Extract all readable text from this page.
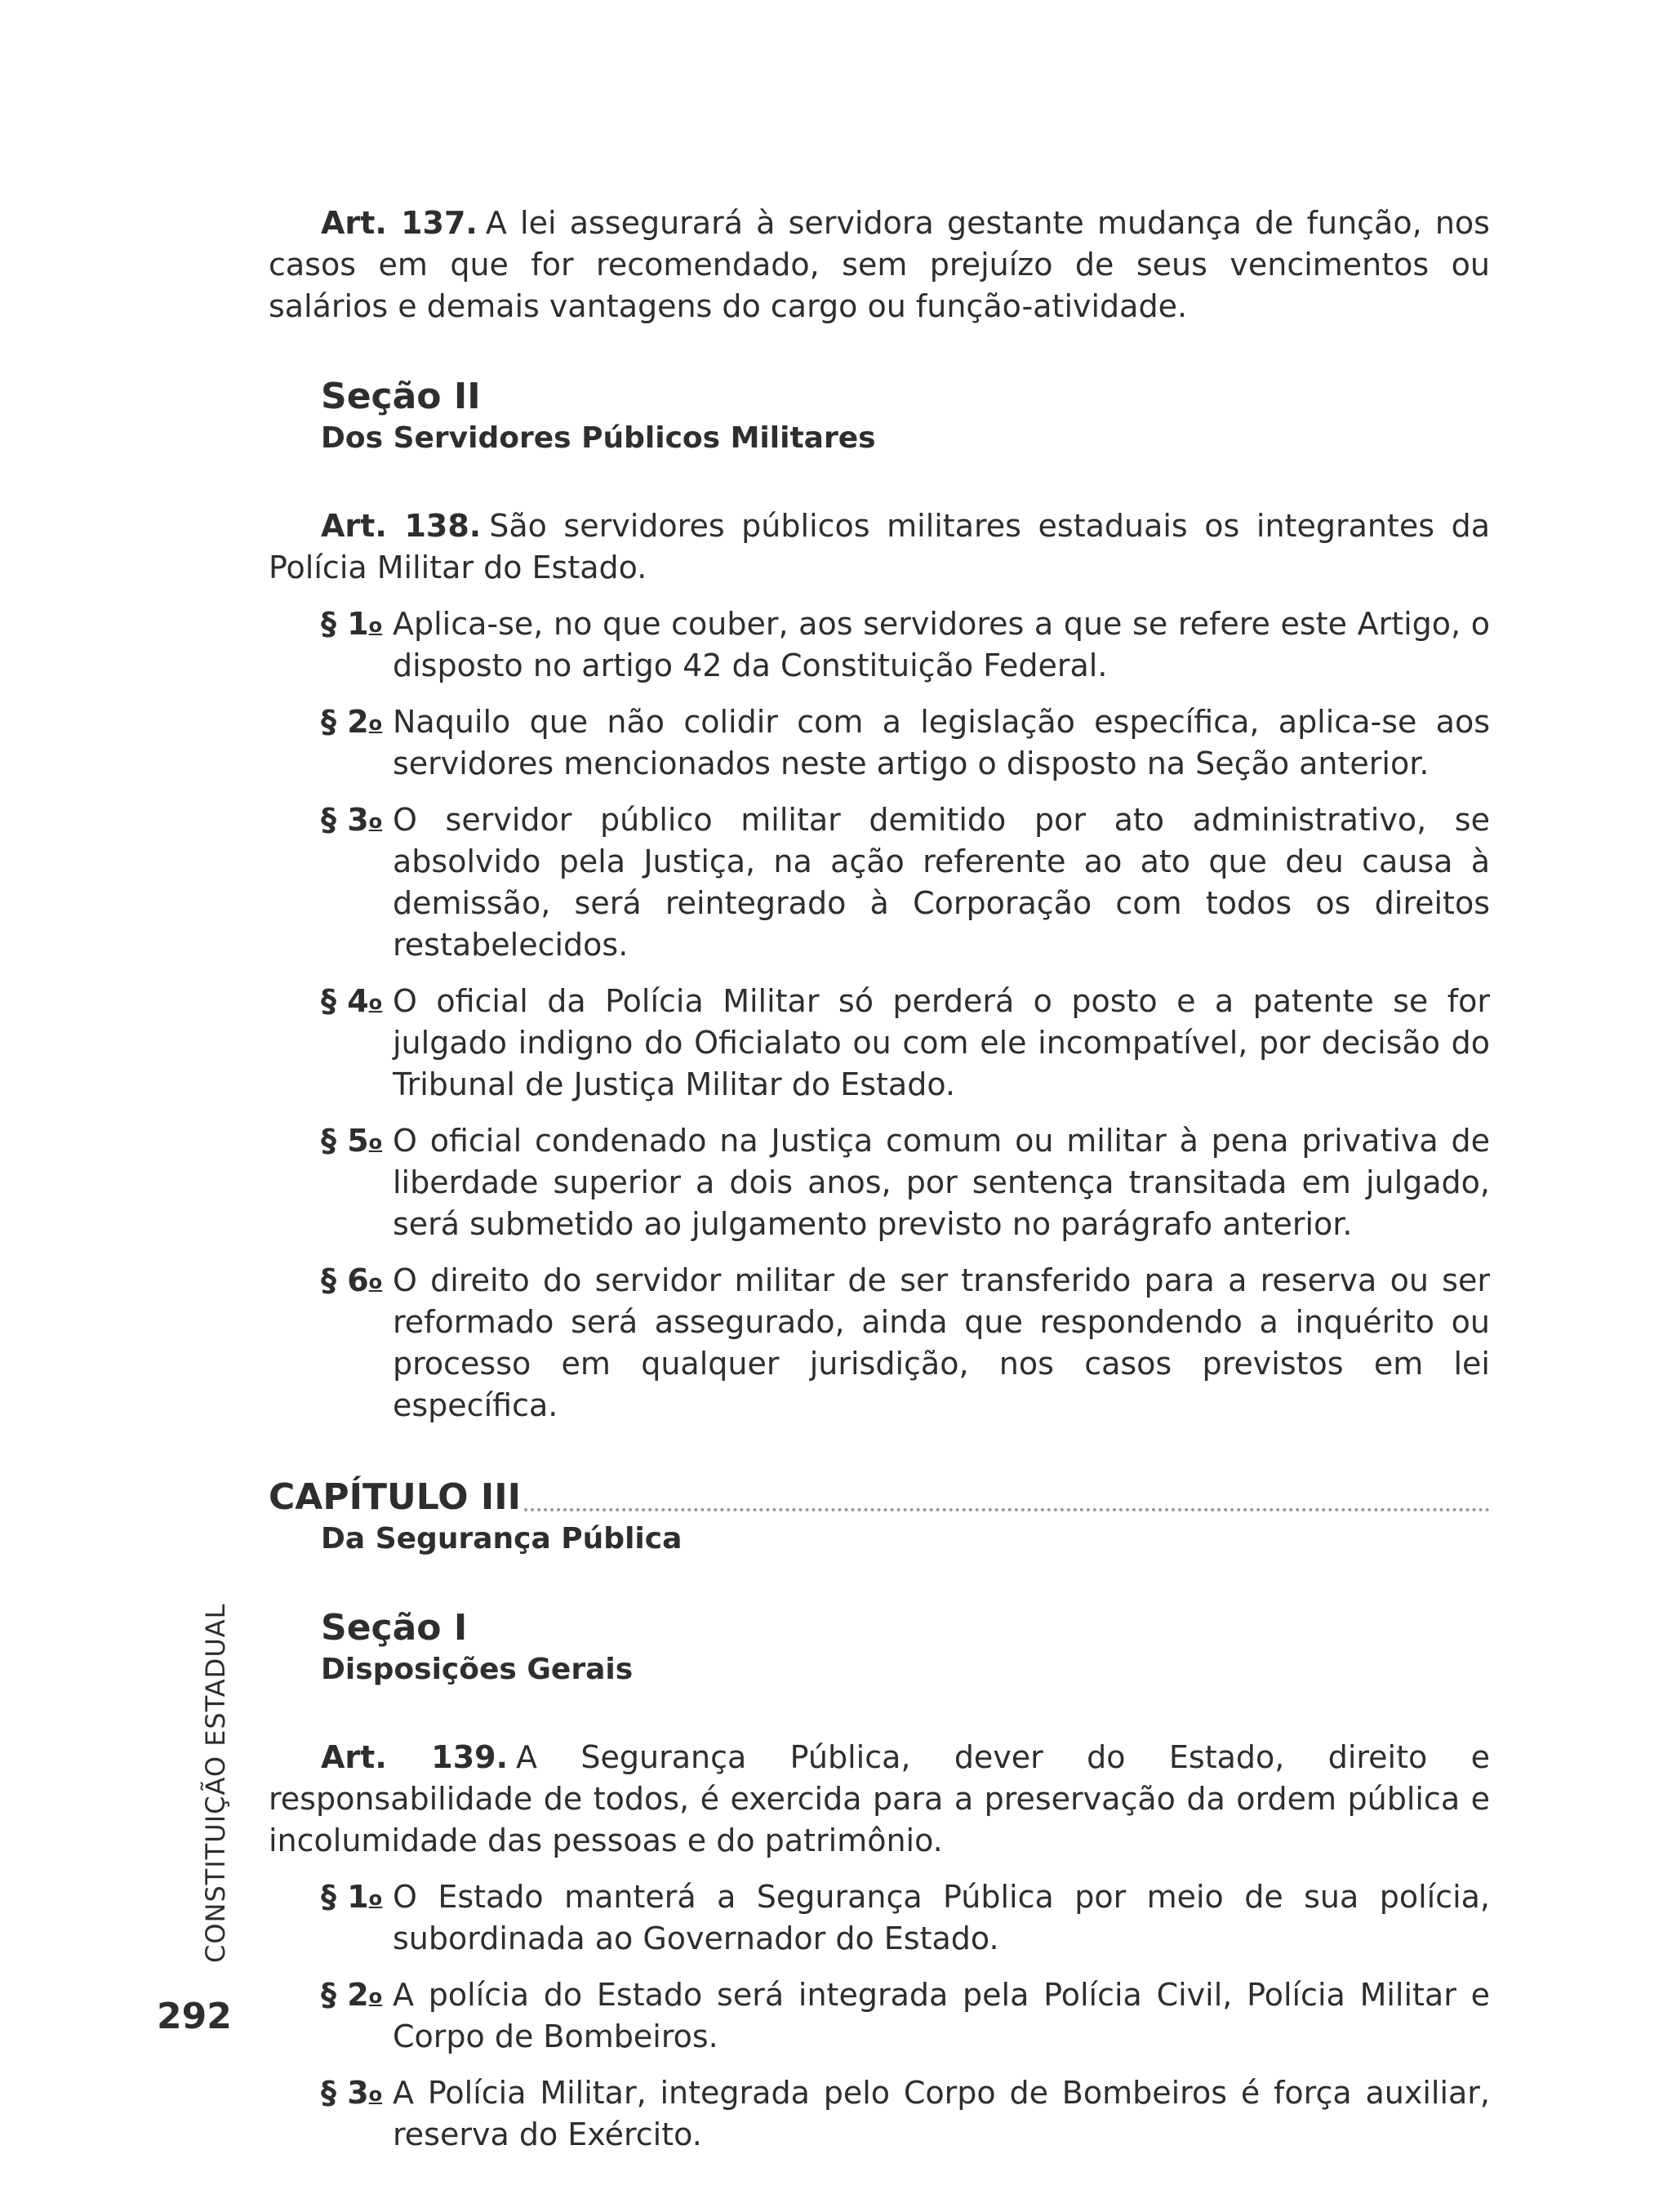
Art. 137. A lei assegurará à servidora gestante mudança de função, nos casos em que for recomendado, sem prejuízo de seus vencimentos ou salários e demais vantagens do cargo ou função-atividade.

Seção II
Dos Servidores Públicos Militares

Art. 138. São servidores públicos militares estaduais os integrantes da Polícia Militar do Estado.

§ 1$^o$ Aplica-se, no que couber, aos servidores a que se refere este Artigo, o disposto no artigo 42 da Constituição Federal.
§ 2$^o$ Naquilo que não colidir com a legislação específica, aplica-se aos servidores mencionados neste artigo o disposto na Seção anterior.
§ 3$^o$ O servidor público militar demitido por ato administrativo, se absolvido pela Justiça, na ação referente ao ato que deu causa à demissão, será reintegrado à Corporação com todos os direitos restabelecidos.
§ 4$^o$ O oficial da Polícia Militar só perderá o posto e a patente se for julgado indigno do Oficialato ou com ele incompatível, por decisão do Tribunal de Justiça Militar do Estado.
§ 5$^o$ O oficial condenado na Justiça comum ou militar à pena privativa de liberdade superior a dois anos, por sentença transitada em julgado, será submetido ao julgamento previsto no parágrafo anterior.
§ 6$^o$ O direito do servidor militar de ser transferido para a reserva ou ser reformado será assegurado, ainda que respondendo a inquérito ou processo em qualquer jurisdição, nos casos previstos em lei específica.
CAPÍTULO III
Da Segurança Pública
Seção I
Disposições Gerais

Art. 139. A Segurança Pública, dever do Estado, direito e responsabilidade de todos, é exercida para a preservação da ordem pública e incolumidade das pessoas e do patrimônio.

§ 1$^o$ O Estado manterá a Segurança Pública por meio de sua polícia, subordinada ao Governador do Estado.
§ 2$^o$ A polícia do Estado será integrada pela Polícia Civil, Polícia Militar e Corpo de Bombeiros.
§ 3$^o$ A Polícia Militar, integrada pelo Corpo de Bombeiros é força auxiliar, reserva do Exército.
CONSTITUIÇÃO ESTADUAL
292
